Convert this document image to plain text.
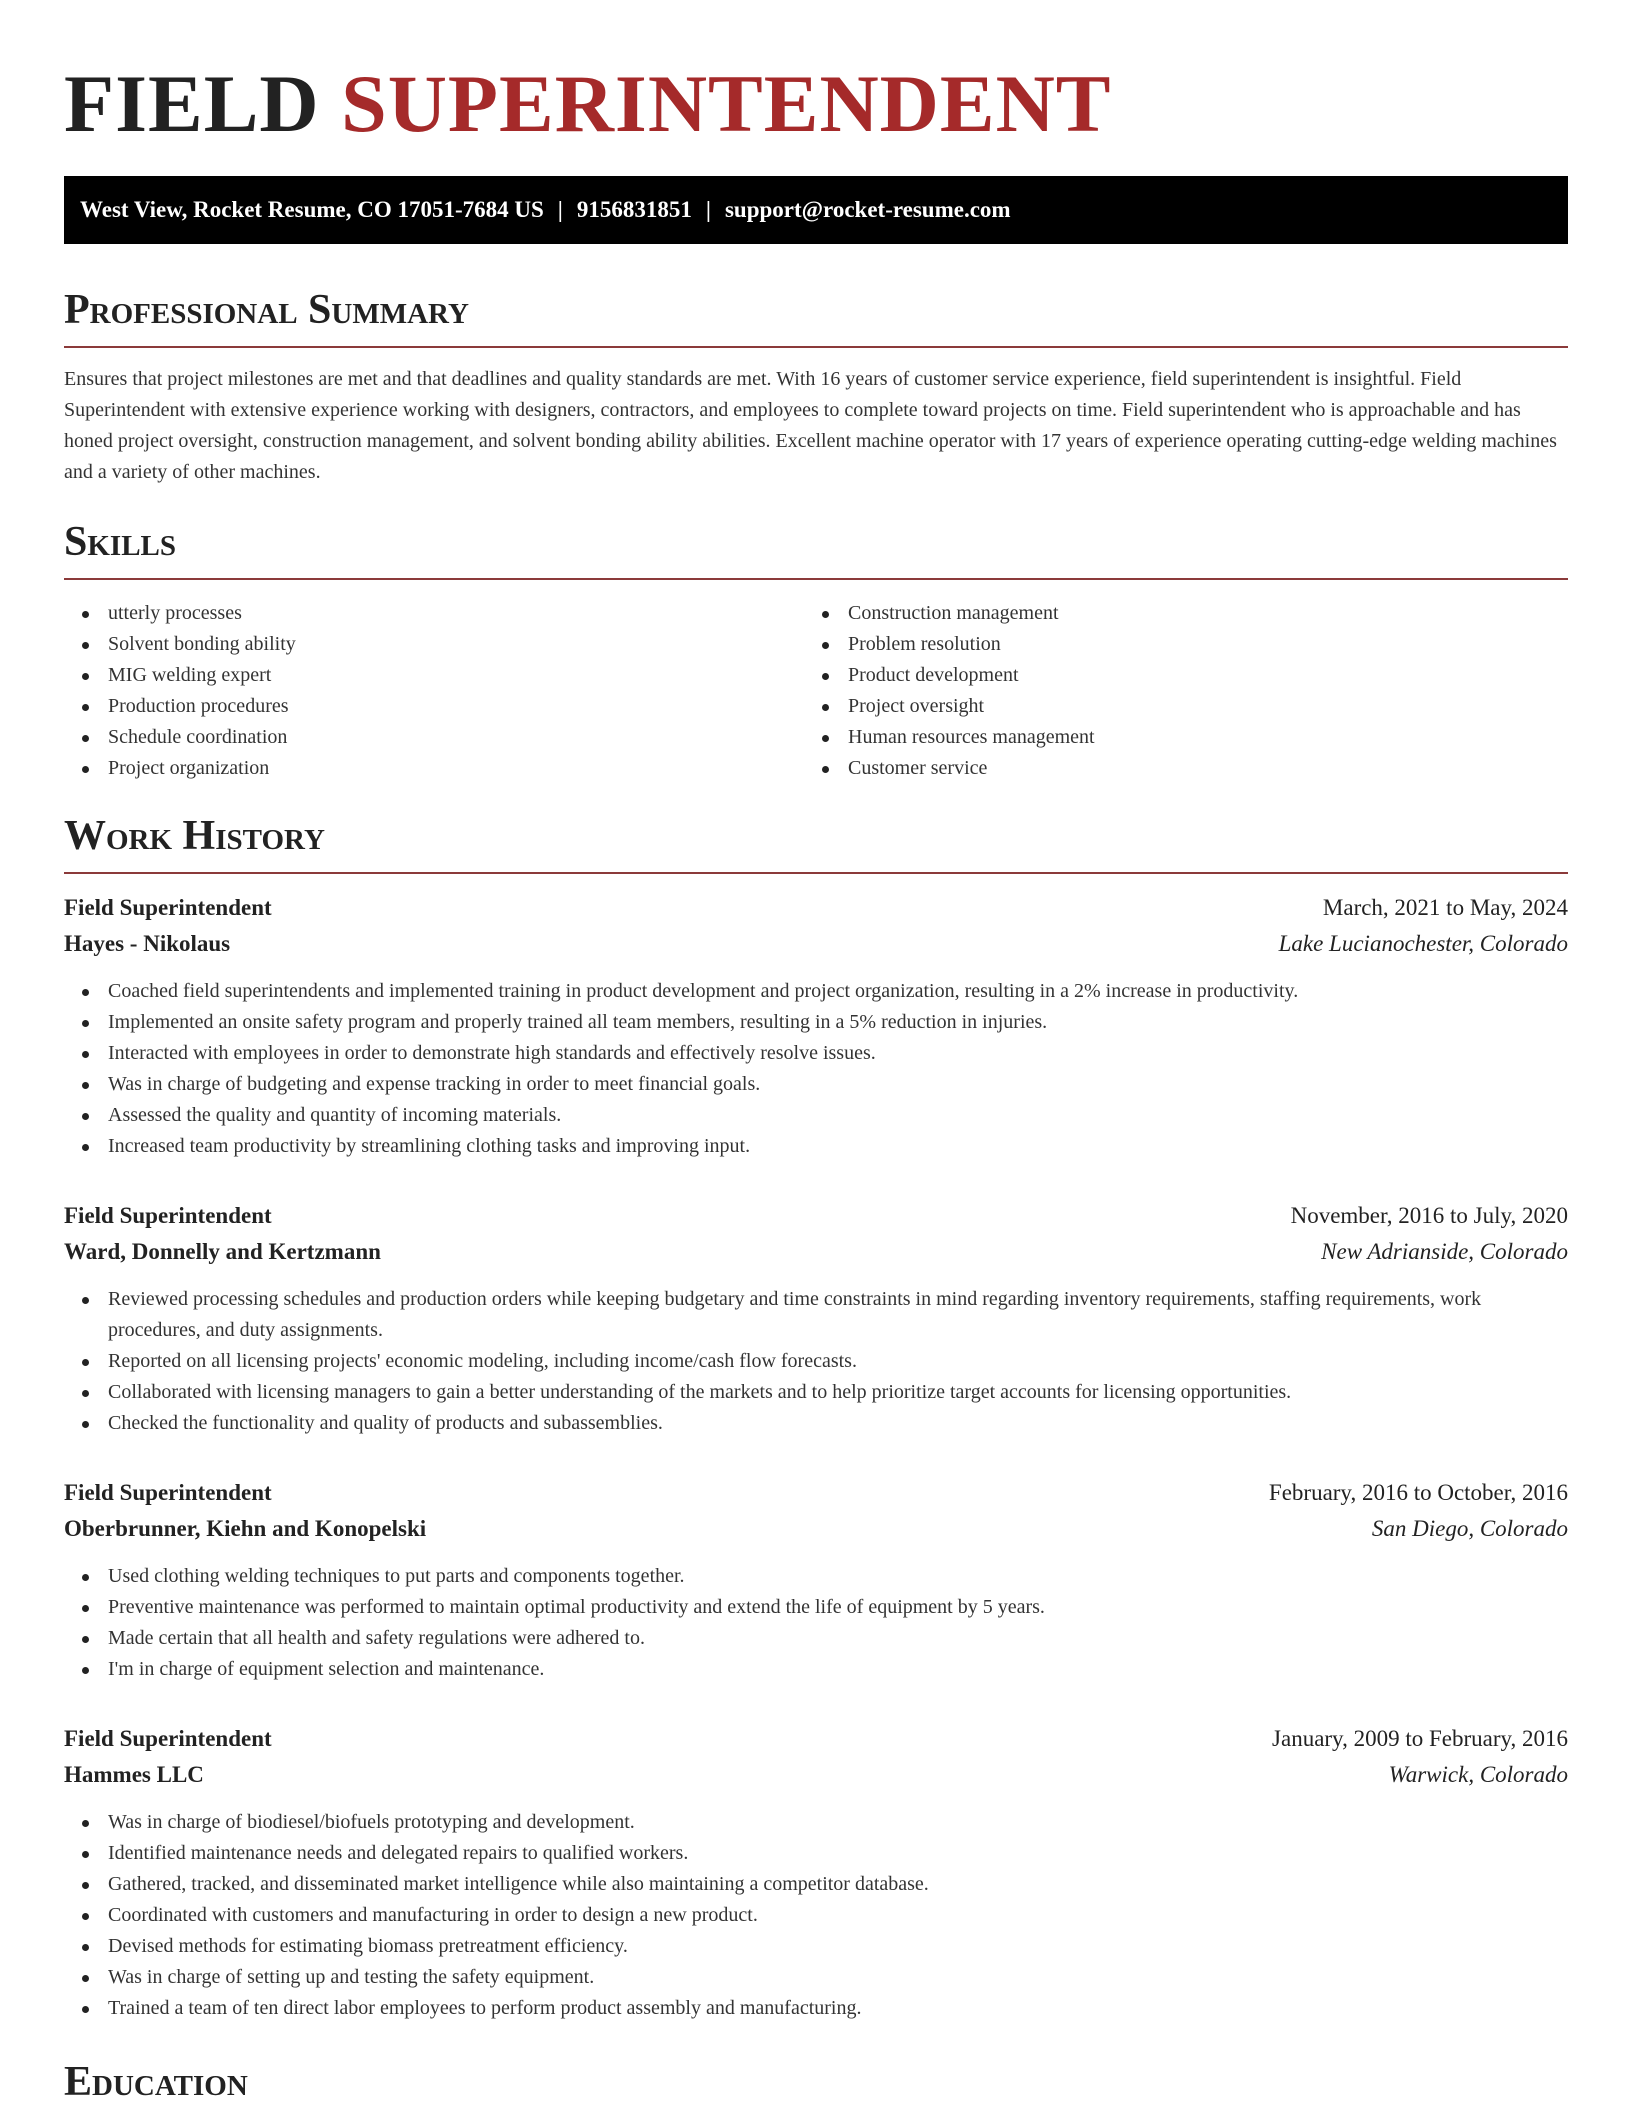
FIELD SUPERINTENDENT
West View, Rocket Resume, CO 17051-7684 US | 9156831851 | support@rocket-resume.com
Professional Summary

Ensures that project milestones are met and that deadlines and quality standards are met. With 16 years of customer service experience, field superintendent is insightful. Field Superintendent with extensive experience working with designers, contractors, and employees to complete toward projects on time. Field superintendent who is approachable and has honed project oversight, construction management, and solvent bonding ability abilities. Excellent machine operator with 17 years of experience operating cutting-edge welding machines and a variety of other machines.

Skills
utterly processes
Solvent bonding ability
MIG welding expert
Production procedures
Schedule coordination
Project organization
Construction management
Problem resolution
Product development
Project oversight
Human resources management
Customer service
Work History
Field Superintendent	March, 2021 to May, 2024
Hayes - Nikolaus	Lake Lucianochester, Colorado
Coached field superintendents and implemented training in product development and project organization, resulting in a 2% increase in productivity.
Implemented an onsite safety program and properly trained all team members, resulting in a 5% reduction in injuries.
Interacted with employees in order to demonstrate high standards and effectively resolve issues.
Was in charge of budgeting and expense tracking in order to meet financial goals.
Assessed the quality and quantity of incoming materials.
Increased team productivity by streamlining clothing tasks and improving input.
Field Superintendent	November, 2016 to July, 2020
Ward, Donnelly and Kertzmann	New Adrianside, Colorado
Reviewed processing schedules and production orders while keeping budgetary and time constraints in mind regarding inventory requirements, staffing requirements, work procedures, and duty assignments.
Reported on all licensing projects' economic modeling, including income/cash flow forecasts.
Collaborated with licensing managers to gain a better understanding of the markets and to help prioritize target accounts for licensing opportunities.
Checked the functionality and quality of products and subassemblies.
Field Superintendent	February, 2016 to October, 2016
Oberbrunner, Kiehn and Konopelski	San Diego, Colorado
Used clothing welding techniques to put parts and components together.
Preventive maintenance was performed to maintain optimal productivity and extend the life of equipment by 5 years.
Made certain that all health and safety regulations were adhered to.
I'm in charge of equipment selection and maintenance.
Field Superintendent	January, 2009 to February, 2016
Hammes LLC	Warwick, Colorado
Was in charge of biodiesel/biofuels prototyping and development.
Identified maintenance needs and delegated repairs to qualified workers.
Gathered, tracked, and disseminated market intelligence while also maintaining a competitor database.
Coordinated with customers and manufacturing in order to design a new product.
Devised methods for estimating biomass pretreatment efficiency.
Was in charge of setting up and testing the safety equipment.
Trained a team of ten direct labor employees to perform product assembly and manufacturing.
Education
